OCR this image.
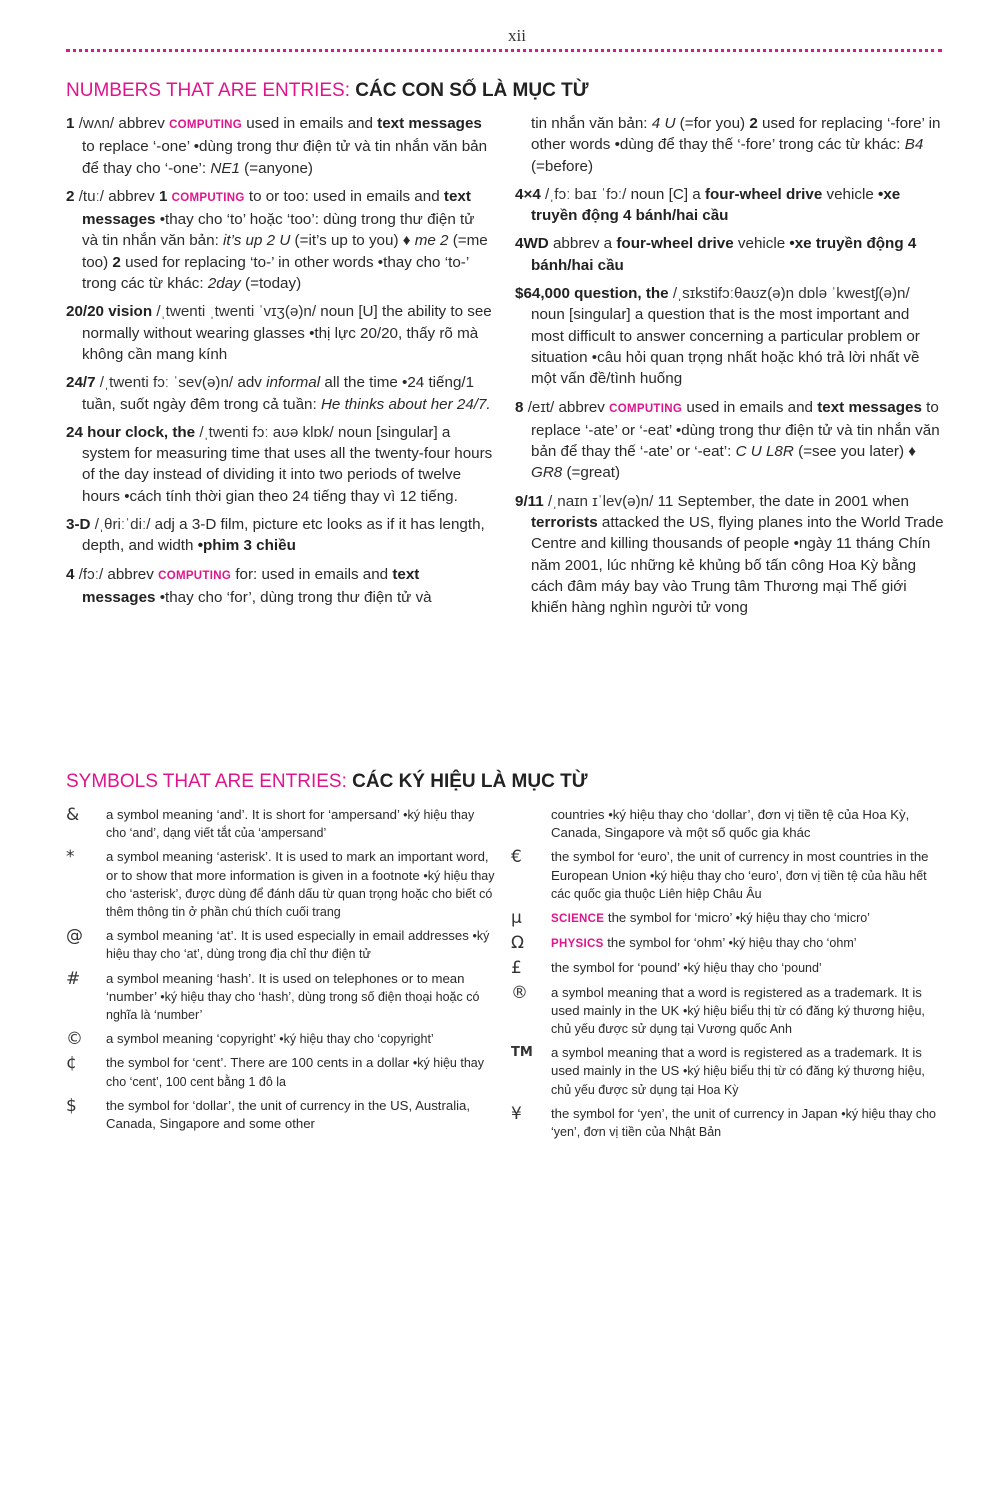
xii
NUMBERS THAT ARE ENTRIES: CÁC CON SỐ LÀ MỤC TỪ

1 /wʌn/ abbrev COMPUTING used in emails and text messages to replace ‘-one’ •dùng trong thư điện tử và tin nhắn văn bản để thay cho ‘-one’: NE1 (=anyone)

2 /tuː/ abbrev 1 COMPUTING to or too: used in emails and text messages •thay cho ‘to’ hoặc ‘too’: dùng trong thư điện tử và tin nhắn văn bản: it’s up 2 U (=it’s up to you) ♦ me 2 (=me too) 2 used for replacing ‘to-’ in other words •thay cho ‘to-’ trong các từ khác: 2day (=today)

20/20 vision /ˌtwenti ˌtwenti ˈvɪʒ(ə)n/ noun [U] the ability to see normally without wearing glasses •thị lực 20/20, thấy rõ mà không cần mang kính

24/7 /ˌtwenti fɔː ˈsev(ə)n/ adv informal all the time •24 tiếng/1 tuần, suốt ngày đêm trong cả tuần: He thinks about her 24/7.

24 hour clock, the /ˌtwenti fɔː aʊə klɒk/ noun [singular] a system for measuring time that uses all the twenty-four hours of the day instead of dividing it into two periods of twelve hours •cách tính thời gian theo 24 tiếng thay vì 12 tiếng.

3-D /ˌθriːˈdiː/ adj a 3-D film, picture etc looks as if it has length, depth, and width •phim 3 chiều

4 /fɔː/ abbrev COMPUTING for: used in emails and text messages •thay cho ‘for’, dùng trong thư điện tử và

tin nhắn văn bản: 4 U (=for you) 2 used for replacing ‘-fore’ in other words •dùng để thay thế ‘-fore’ trong các từ khác: B4 (=before)

4×4 /ˌfɔː baɪ ˈfɔː/ noun [C] a four-wheel drive vehicle •xe truyền động 4 bánh/hai cầu

4WD abbrev a four-wheel drive vehicle •xe truyền động 4 bánh/hai cầu

$64,000 question, the /ˌsɪkstifɔːθaʊz(ə)n dɒlə ˈkwestʃ(ə)n/ noun [singular] a question that is the most important and most difficult to answer concerning a particular problem or situation •câu hỏi quan trọng nhất hoặc khó trả lời nhất về một vấn đề/tình huống

8 /eɪt/ abbrev COMPUTING used in emails and text messages to replace ‘-ate’ or ‘-eat’ •dùng trong thư điện tử và tin nhắn văn bản để thay thế ‘-ate’ or ‘-eat’: C U L8R (=see you later) ♦ GR8 (=great)

9/11 /ˌnaɪn ɪˈlev(ə)n/ 11 September, the date in 2001 when terrorists attacked the US, flying planes into the World Trade Centre and killing thousands of people •ngày 11 tháng Chín năm 2001, lúc những kẻ khủng bố tấn công Hoa Kỳ bằng cách đâm máy bay vào Trung tâm Thương mại Thế giới khiến hàng nghìn người tử vong

SYMBOLS THAT ARE ENTRIES: CÁC KÝ HIỆU LÀ MỤC TỪ
&	a symbol meaning ‘and’. It is short for ‘ampersand’ •ký hiệu thay cho ‘and’, dạng viết tắt của ‘ampersand’
*	a symbol meaning ‘asterisk’. It is used to mark an important word, or to show that more information is given in a footnote •ký hiệu thay cho ‘asterisk’, được dùng để đánh dấu từ quan trọng hoặc cho biết có thêm thông tin ở phần chú thích cuối trang
@	a symbol meaning ‘at’. It is used especially in email addresses •ký hiệu thay cho ‘at’, dùng trong địa chỉ thư điện tử
#	a symbol meaning ‘hash’. It is used on telephones or to mean ‘number’ •ký hiệu thay cho ‘hash’, dùng trong số điện thoại hoặc có nghĩa là ‘number’
©	a symbol meaning ‘copyright’ •ký hiệu thay cho ‘copyright’
¢	the symbol for ‘cent’. There are 100 cents in a dollar •ký hiệu thay cho ‘cent’, 100 cent bằng 1 đô la
$	the symbol for ‘dollar’, the unit of currency in the US, Australia, Canada, Singapore and some other

countries •ký hiệu thay cho ‘dollar’, đơn vị tiền tệ của Hoa Kỳ, Canada, Singapore và một số quốc gia khác

€	the symbol for ‘euro’, the unit of currency in most countries in the European Union •ký hiệu thay cho ‘euro’, đơn vị tiền tệ của hầu hết các quốc gia thuộc Liên hiệp Châu Âu
µ	SCIENCE the symbol for ‘micro’ •ký hiệu thay cho ‘micro’
Ω	PHYSICS the symbol for ‘ohm’ •ký hiệu thay cho ‘ohm’
£	the symbol for ‘pound’ •ký hiệu thay cho ‘pound’
®	a symbol meaning that a word is registered as a trademark. It is used mainly in the UK •ký hiệu biểu thị từ có đăng ký thương hiệu, chủ yếu được sử dụng tại Vương quốc Anh
TM	a symbol meaning that a word is registered as a trademark. It is used mainly in the US •ký hiệu biểu thị từ có đăng ký thương hiệu, chủ yếu được sử dụng tại Hoa Kỳ
¥	the symbol for ‘yen’, the unit of currency in Japan •ký hiệu thay cho ‘yen’, đơn vị tiền của Nhật Bản
